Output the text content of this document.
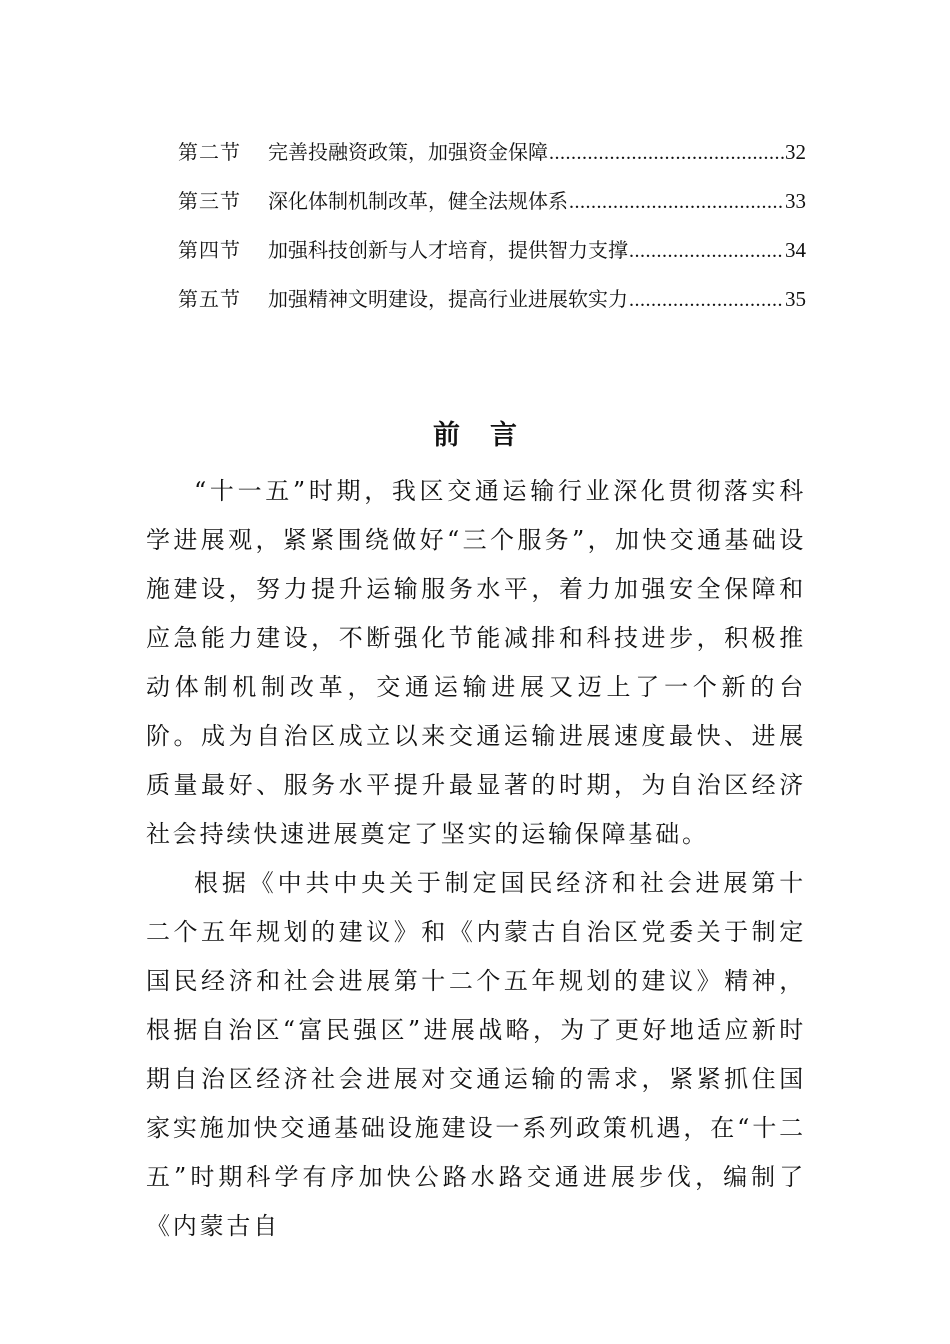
第二节	完善投融资政策，加强资金保障 .....	32
第三节	深化体制机制改革，健全法规体系 .....	33
第四节	加强科技创新与人才培育，提供智力支撑 .....	34
第五节	加强精神文明建设，提高行业进展软实力 .....	35
前言

“十一五”时期，我区交通运输行业深化贯彻落实科学进展观，紧紧围绕做好“三个服务”，加快交通基础设施建设，努力提升运输服务水平，着力加强安全保障和应急能力建设，不断强化节能减排和科技进步，积极推动体制机制改革，交通运输进展又迈上了一个新的台阶。成为自治区成立以来交通运输进展速度最快、进展质量最好、服务水平提升最显著的时期，为自治区经济社会持续快速进展奠定了坚实的运输保障基础。

根据《中共中央关于制定国民经济和社会进展第十二个五年规划的建议》和《内蒙古自治区党委关于制定国民经济和社会进展第十二个五年规划的建议》精神，根据自治区“富民强区”进展战略，为了更好地适应新时期自治区经济社会进展对交通运输的需求，紧紧抓住国家实施加快交通基础设施建设一系列政策机遇，在“十二五”时期科学有序加快公路水路交通进展步伐，编制了《内蒙古自
